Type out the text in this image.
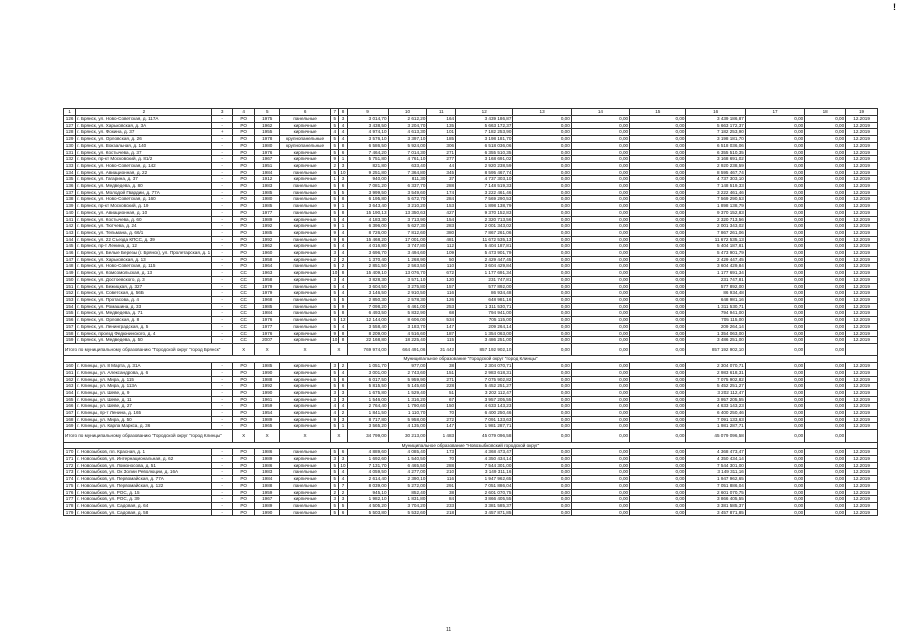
!
1	2	3	4	5	6	7	8	9	10	11	12	13	14	15	16	17	18	19
126	г. Брянск, ул. Ново-Советская, д. 117А	-	РО	1975	панельные	5	3	3 014,70	2 612,20	164	3 439 186,87	0,00	0,00	0,00	3 439 186,87	0,00	0,00	12.2019
127	г. Брянск, ул. Харьковская, д. 3А	-	РО	1962	кирпичные	5	4	3 438,50	3 204,70	135	5 663 172,37	0,00	0,00	0,00	5 663 172,37	0,00	0,00	12.2019
128	г. Брянск, ул. Фокина, д. 37	+	РО	1955	кирпичные	4	4	4 974,10	4 613,30	101	7 182 253,90	0,00	0,00	0,00	7 182 253,90	0,00	0,00	12.2019
129	г. Брянск, ул. Орловская, д. 26	-	РО	1978	крупнопанельные	5	4	3 576,10	3 397,10	185	3 198 181,70	0,00	0,00	0,00	3 198 181,70	0,00	0,00	12.2019
130	г. Брянск, ул. Вокзальная, д. 140	-	РО	1980	крупнопанельные	5	8	6 586,50	5 924,00	306	6 518 036,06	0,00	0,00	0,00	6 518 036,06	0,00	0,00	12.2019
131	г. Брянск, ул. Костычева, д. 37	-	РО	1976	кирпичные	5	6	7 464,20	7 014,30	271	6 355 510,35	0,00	0,00	0,00	6 355 510,35	0,00	0,00	12.2019
132	г. Брянск, пр-кт Московский, д. 81/2	-	РО	1967	кирпичные	9	1	5 751,80	4 761,10	277	3 168 691,02	0,00	0,00	0,00	3 168 691,02	0,00	0,00	12.2019
133	г. Брянск, ул. Ново-Советская, д. 142	-	РО	1951	кирпичные	2	3	821,80	633,40	44	2 920 238,59	0,00	0,00	0,00	2 920 238,59	0,00	0,00	12.2019
134	г. Брянск, ул. Авиационная, д. 22	-	РО	1984	панельные	5	10	9 251,80	7 364,80	345	8 595 467,74	0,00	0,00	0,00	8 595 467,74	0,00	0,00	12.2019
135	г. Брянск, ул. Гагарина, д. 37	-	РО	1912	кирпичные	1	3	940,00	811,30	37	4 737 303,10	0,00	0,00	0,00	4 737 303,10	0,00	0,00	12.2019
136	г. Брянск, ул. Медведева, д. 80	-	РО	1983	панельные	5	6	7 081,20	6 337,70	288	7 148 519,33	0,00	0,00	0,00	7 148 519,33	0,00	0,00	12.2019
137	г. Брянск, ул. Молодой Гвардии, д. 77А	-	РО	1985	панельные	5	5	3 999,50	3 549,60	174	3 222 461,46	0,00	0,00	0,00	3 222 461,46	0,00	0,00	12.2019
138	г. Брянск, ул. Ново-Советская, д. 160	-	РО	1980	панельные	5	8	6 195,80	5 672,70	284	7 569 290,53	0,00	0,00	0,00	7 569 290,53	0,00	0,00	12.2019
139	г. Брянск, пр-кт Московский, д. 19	-	РО	1985	панельные	9	1	3 643,40	3 210,20	153	1 898 138,79	0,00	0,00	0,00	1 898 138,79	0,00	0,00	12.2019
140	г. Брянск, ул. Авиационная, д. 10	-	РО	1977	панельные	5	8	15 190,13	13 350,63	427	9 370 152,83	0,00	0,00	0,00	9 370 152,83	0,00	0,00	12.2019
141	г. Брянск, ул. Костычева, д. 60	-	РО	1989	кирпичные	5	4	4 183,30	3 713,90	154	2 320 713,56	0,00	0,00	0,00	2 320 713,56	0,00	0,00	12.2019
142	г. Брянск, ул. Тютчева, д. 24	-	РО	1992	кирпичные	9	1	6 396,00	5 627,30	283	2 001 343,02	0,00	0,00	0,00	2 001 343,02	0,00	0,00	12.2019
143	г. Брянск, ул. Тельмана, д. 66/1	-	РО	1985	кирпичные	9	4	8 726,00	7 812,60	380	7 867 261,06	0,00	0,00	0,00	7 867 261,06	0,00	0,00	12.2019
144	г. Брянск, ул. 22 Съезда КПСС, д. 39	-	РО	1992	панельные	9	6	15 468,20	17 001,00	481	11 672 535,13	0,00	0,00	0,00	11 672 535,13	0,00	0,00	12.2019
145	г. Брянск, пр-т Ленина, д. 12	-	РО	1962	кирпичные	5	4	4 016,80	3 747,80	112	5 404 187,81	0,00	0,00	0,00	5 404 187,81	0,00	0,00	12.2019
146	г. Брянск, ул. Белые Березы (г. Брянск), ул. Пролетарская, д. 1	-	РО	1960	кирпичные	3	4	3 696,70	3 494,60	109	5 473 901,79	0,00	0,00	0,00	5 473 901,79	0,00	0,00	12.2019
147	г. Брянск, ул. Харьковская, д. 13	-	РО	1958	кирпичные	2	2	1 370,40	1 268,90	50	2 429 447,45	0,00	0,00	0,00	2 429 447,45	0,00	0,00	12.2019
148	г. Брянск, ул. Ново-Советская, д. 115	-	РО	1964	панельные	5	2	2 851,50	2 563,50	110	3 604 429,84	0,00	0,00	0,00	3 604 429,84	0,00	0,00	12.2019
149	г. Брянск, ул. Комсомольская, д. 13	-	СС	1963	кирпичные	10	8	15 409,10	13 076,70	672	1 177 691,34	0,00	0,00	0,00	1 177 691,34	0,00	0,00	12.2019
150	г. Брянск, ул. Достоевского, д. 3	-	СС	1958	кирпичные	3	4	3 828,30	3 571,10	120	231 747,81	0,00	0,00	0,00	231 747,81	0,00	0,00	12.2019
151	г. Брянск, ул. Бежицкая, д. 327	-	СС	1979	панельные	5	4	3 604,50	3 275,80	157	577 892,00	0,00	0,00	0,00	577 892,00	0,00	0,00	12.2019
152	г. Брянск, ул. Советская, д. 56Б	-	СС	1979	кирпичные	5	4	3 146,50	2 910,50	116	86 934,48	0,00	0,00	0,00	86 934,48	0,00	0,00	12.2019
153	г. Брянск, ул. Протасова, д. 4	-	СС	1968	панельные	5	5	2 850,30	2 578,30	126	648 981,16	0,00	0,00	0,00	648 981,16	0,00	0,00	12.2019
154	г. Брянск, ул. Ромашина, д. 33	-	СС	1985	панельные	5	9	7 098,20	6 461,00	253	1 311 530,71	0,00	0,00	0,00	1 311 530,71	0,00	0,00	12.2019
155	г. Брянск, ул. Медведева, д. 71	-	СС	1984	панельные	5	8	6 493,50	5 832,90	68	794 941,00	0,00	0,00	0,00	794 941,00	0,00	0,00	12.2019
156	г. Брянск, ул. Орловская, д. 8	-	СС	1976	панельные	5	12	12 144,00	8 606,00	534	705 115,00	0,00	0,00	0,00	705 115,00	0,00	0,00	12.2019
157	г. Брянск, ул. Ленинградская, д. 5	-	СС	1977	панельные	5	4	3 558,40	3 183,70	147	209 264,14	0,00	0,00	0,00	209 264,14	0,00	0,00	12.2019
158	г. Брянск, проезд Федюнинского, д. 4	-	СС	1976	кирпичные	9	8	8 209,00	4 516,60	187	1 354 063,00	0,00	0,00	0,00	1 354 063,00	0,00	0,00	12.2019
159	г. Брянск, ул. Медведева, д. 50	-	СС	2007	кирпичные	10	8	22 168,80	18 225,40	115	3 486 251,00	0,00	0,00	0,00	3 486 251,00	0,00	0,00	12.2019
Итого по муниципальному образованию "Городской округ "город Брянск"			X	X	X	X		769 974,00	664 491,06	31 442	857 192 902,10	0,00	0,00	0,00	857 192 902,10	0,00	0,00	
Муниципальное образование "Городской округ "город Клинцы"																		
160	г. Клинцы, ул. 8 Марта, д. 31А	-	РО	1985	кирпичные	3	2	1 051,70	977,00	38	2 304 070,71	0,00	0,00	0,00	2 304 070,71	0,00	0,00	12.2019
161	г. Клинцы, ул. Александрова, д. 6	-	РО	1990	кирпичные	5	4	3 001,00	2 743,60	151	2 983 618,31	0,00	0,00	0,00	2 983 618,31	0,00	0,00	12.2019
162	г. Клинцы, ул. Мира, д. 115	-	РО	1988	кирпичные	5	6	6 017,50	5 959,90	271	7 075 902,82	0,00	0,00	0,00	7 075 902,82	0,00	0,00	12.2019
163	г. Клинцы, ул. Мира, д. 113А	-	РО	1992	кирпичные	5	6	5 815,50	5 145,60	228	5 452 251,27	0,00	0,00	0,00	5 452 251,27	0,00	0,00	12.2019
164	г. Клинцы, ул. Шеве, д. 9	-	РО	1990	кирпичные	3	3	1 675,80	1 529,40	51	3 202 112,47	0,00	0,00	0,00	3 202 112,47	0,00	0,00	12.2019
165	г. Клинцы, ул. Шеве, д. 11	-	РО	1961	кирпичные	3	3	1 546,00	1 316,20	67	3 957 205,55	0,00	0,00	0,00	3 957 205,55	0,00	0,00	12.2019
166	г. Клинцы, ул. Шеве, д. 27	-	РО	1959	кирпичные	4	4	2 764,40	1 790,60	150	4 633 143,23	0,00	0,00	0,00	4 633 143,23	0,00	0,00	12.2019
167	г. Клинцы, пр-т Ленина, д. 165	-	РО	1954	кирпичные	4	2	1 841,50	1 110,70	70	6 400 250,46	0,00	0,00	0,00	6 400 250,46	0,00	0,00	12.2019
168	г. Клинцы, ул. Мира, д. 50	-	РО	1989	кирпичные	9	3	8 717,80	5 958,00	272	7 091 133,63	0,00	0,00	0,00	7 091 133,63	0,00	0,00	12.2019
169	г. Клинцы, ул. Карла Маркса, д. 36	-	РО	1965	кирпичные	5	1	3 565,20	4 135,00	147	1 981 287,71	0,00	0,00	0,00	1 981 287,71	0,00	0,00	12.2019
Итого по муниципальному образованию "Городской округ "город Клинцы"			X	X	X	X		34 799,00	30 213,00	1 483	45 079 096,58	0,00	0,00	0,00	45 079 096,58	0,00	0,00	
Муниципальное образование "Новозыбковский городской округ"																		
170	г. Новозыбков, пл. Красная, д. 1	-	РО	1986	панельные	5	6	4 889,60	4 085,40	173	4 368 473,47	0,00	0,00	0,00	4 368 473,47	0,00	0,00	12.2019
171	г. Новозыбков, ул. Интернациональная, д. 62	-	РО	1989	кирпичные	3	3	1 692,60	1 540,50	70	4 350 434,14	0,00	0,00	0,00	4 350 434,14	0,00	0,00	12.2019
172	г. Новозыбков, ул. Ломоносова, д. 51	-	РО	1986	кирпичные	5	10	7 131,70	6 465,50	288	7 544 301,00	0,00	0,00	0,00	7 544 301,00	0,00	0,00	12.2019
173	г. Новозыбков, ул. Ок Золии Революции, д. 16А	-	РО	1983	панельные	5	4	4 059,50	4 277,00	210	3 149 311,16	0,00	0,00	0,00	3 149 311,16	0,00	0,00	12.2019
174	г. Новозыбков, ул. Первомайская, д. 77А	-	РО	1984	кирпичные	5	4	2 614,40	2 390,10	116	1 947 962,65	0,00	0,00	0,00	1 947 962,65	0,00	0,00	12.2019
175	г. Новозыбков, ул. Первомайская, д. 122	-	РО	1988	панельные	5	7	8 039,00	5 272,00	291	7 051 886,04	0,00	0,00	0,00	7 051 886,04	0,00	0,00	12.2019
176	г. Новозыбков, ул. РОС, д. 15	-	РО	1959	кирпичные	2	2	945,10	852,40	38	2 601 070,75	0,00	0,00	0,00	2 601 070,75	0,00	0,00	12.2019
177	г. Новозыбков, ул. РОС, д. 39	-	РО	1967	кирпичные	3	3	1 982,10	1 831,80	84	3 866 405,55	0,00	0,00	0,00	3 866 405,55	0,00	0,00	12.2019
178	г. Новозыбков, ул. Садовая, д. 64	-	РО	1989	панельные	5	5	4 505,20	3 704,20	233	3 381 585,37	0,00	0,00	0,00	3 381 585,37	0,00	0,00	12.2019
179	г. Новозыбков, ул. Садовая, д. 58	-	РО	1990	панельные	5	6	5 503,80	5 532,60	218	3 457 871,85	0,00	0,00	0,00	3 457 871,85	0,00	0,00	12.2019
11
